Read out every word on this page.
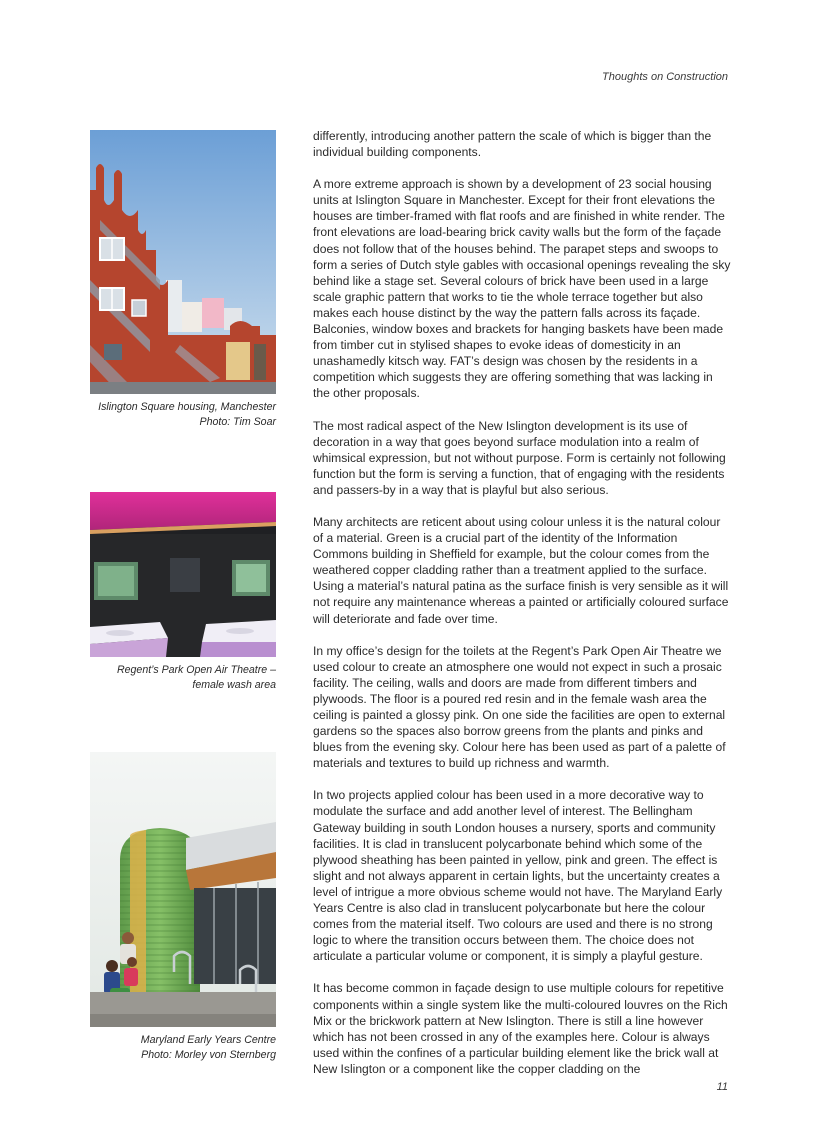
Thoughts on Construction
Islington Square housing, Manchester
Photo: Tim Soar
Regent’s Park Open Air Theatre –
female wash area
Maryland Early Years Centre
Photo: Morley von Sternberg

differently, introducing another pattern the scale of which is bigger than the individual building components.

A more extreme approach is shown by a development of 23 social housing units at Islington Square in Manchester. Except for their front elevations the houses are timber-framed with flat roofs and are finished in white render. The front elevations are load-bearing brick cavity walls but the form of the façade does not follow that of the houses behind. The parapet steps and swoops to form a series of Dutch style gables with occasional openings revealing the sky behind like a stage set. Several colours of brick have been used in a large scale graphic pattern that works to tie the whole terrace together but also makes each house distinct by the way the pattern falls across its façade. Balconies, window boxes and brackets for hanging baskets have been made from timber cut in stylised shapes to evoke ideas of domesticity in an unashamedly kitsch way. FAT’s design was chosen by the residents in a competition which suggests they are offering something that was lacking in the other proposals.

The most radical aspect of the New Islington development is its use of decoration in a way that goes beyond surface modulation into a realm of whimsical expression, but not without purpose. Form is certainly not following function but the form is serving a function, that of engaging with the residents and passers-by in a way that is playful but also serious.

Many architects are reticent about using colour unless it is the natural colour of a material. Green is a crucial part of the identity of the Information Commons building in Sheffield for example, but the colour comes from the weathered copper cladding rather than a treatment applied to the surface. Using a material’s natural patina as the surface finish is very sensible as it will not require any maintenance whereas a painted or artificially coloured surface will deteriorate and fade over time.

In my office’s design for the toilets at the Regent’s Park Open Air Theatre we used colour to create an atmosphere one would not expect in such a prosaic facility. The ceiling, walls and doors are made from different timbers and plywoods. The floor is a poured red resin and in the female wash area the ceiling is painted a glossy pink. On one side the facilities are open to external gardens so the spaces also borrow greens from the plants and pinks and blues from the evening sky. Colour here has been used as part of a palette of materials and textures to build up richness and warmth.

In two projects applied colour has been used in a more decorative way to modulate the surface and add another level of interest. The Bellingham Gateway building in south London houses a nursery, sports and community facilities. It is clad in translucent polycarbonate behind which some of the plywood sheathing has been painted in yellow, pink and green. The effect is slight and not always apparent in certain lights, but the uncertainty creates a level of intrigue a more obvious scheme would not have. The Maryland Early Years Centre is also clad in translucent polycarbonate but here the colour comes from the material itself. Two colours are used and there is no strong logic to where the transition occurs between them. The choice does not articulate a particular volume or component, it is simply a playful gesture.

It has become common in façade design to use multiple colours for repetitive components within a single system like the multi-coloured louvres on the Rich Mix or the brickwork pattern at New Islington. There is still a line however which has not been crossed in any of the examples here. Colour is always used within the confines of a particular building element like the brick wall at New Islington or a component like the copper cladding on the

11
